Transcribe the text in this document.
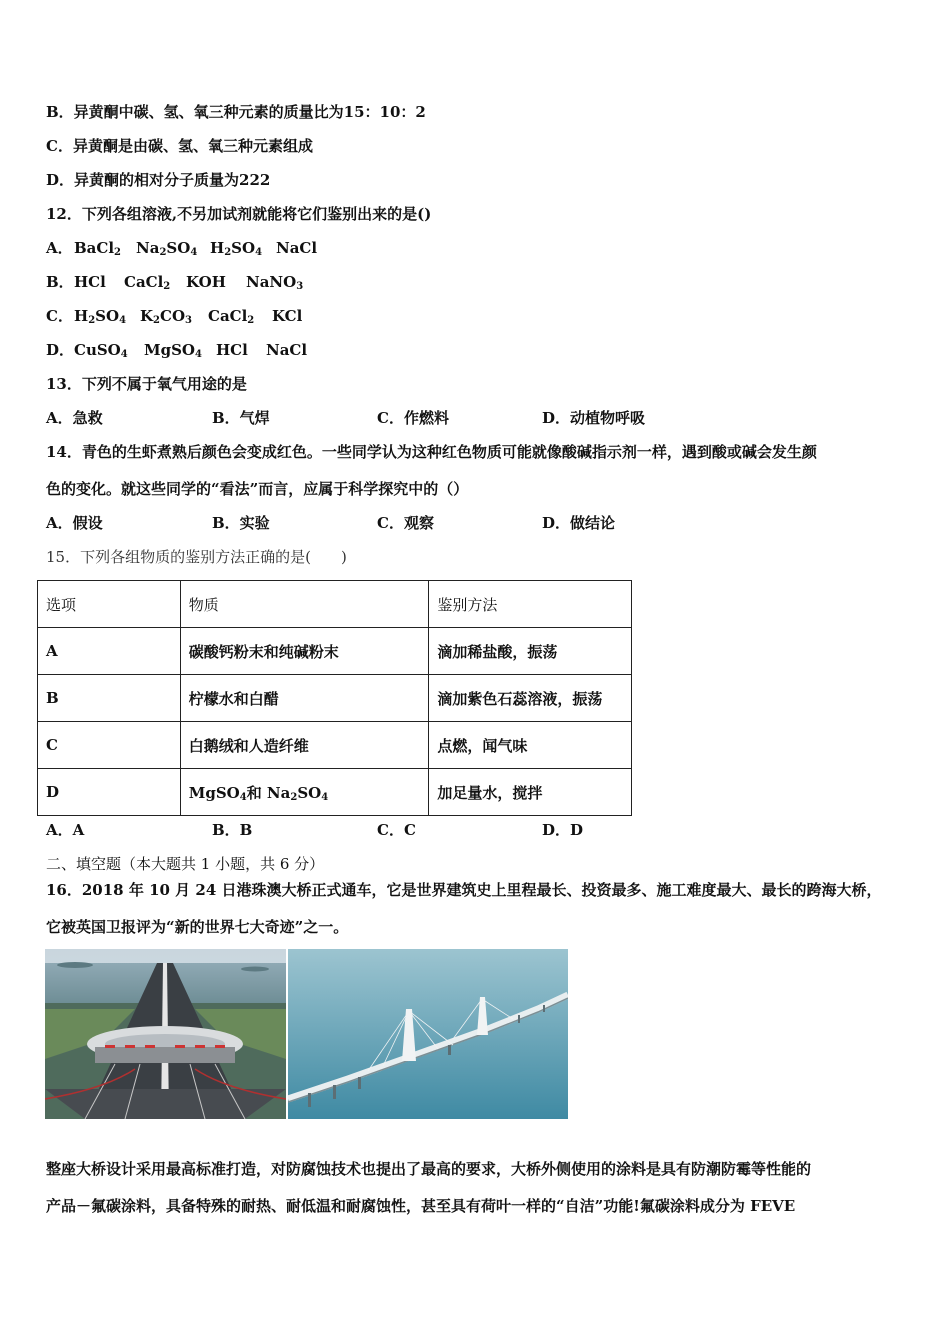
B．异黄酮中碳、氢、氧三种元素的质量比为15：10：2
C．异黄酮是由碳、氢、氧三种元素组成
D．异黄酮的相对分子质量为222
12．下列各组溶液,不另加试剂就能将它们鉴别出来的是()
A． BaCl$_2$ $Na_2SO_4$ $H_2SO_4$ NaCl
B． HCl CaCl$_2$ KOH NaNO$_3$
C． $H_2SO_4$ $K_2CO_3$ CaCl$_2$ KCl
D． CuSO$_4$ MgSO$_4$ HCl NaCl
13．下列不属于氧气用途的是
A．急救	B．气焊	C．作燃料	D．动植物呼吸
14．青色的生虾煮熟后颜色会变成红色。一些同学认为这种红色物质可能就像酸碱指示剂一样，遇到酸或碱会发生颜
色的变化。就这些同学的“看法”而言，应属于科学探究中的（）
A．假设	B．实验	C．观察	D．做结论
15．下列各组物质的鉴别方法正确的是(　　)
选项	物质	鉴别方法
A	碳酸钙粉末和纯碱粉末	滴加稀盐酸，振荡
B	柠檬水和白醋	滴加紫色石蕊溶液，振荡
C	白鹅绒和人造纤维	点燃，闻气味
D	MgSO$_4$和 $Na_2SO_4$	加足量水，搅拌
A．A	B．B	C．C	D．D
二、填空题（本大题共 1 小题，共 6 分）
16．2018 年 10 月 24 日港珠澳大桥正式通车，它是世界建筑史上里程最长、投资最多、施工难度最大、最长的跨海大桥，
它被英国卫报评为“新的世界七大奇迹”之一。
整座大桥设计采用最高标准打造，对防腐蚀技术也提出了最高的要求，大桥外侧使用的涂料是具有防潮防霉等性能的
产品－氟碳涂料，具备特殊的耐热、耐低温和耐腐蚀性，甚至具有荷叶一样的“自洁”功能!氟碳涂料成分为 FEVE
